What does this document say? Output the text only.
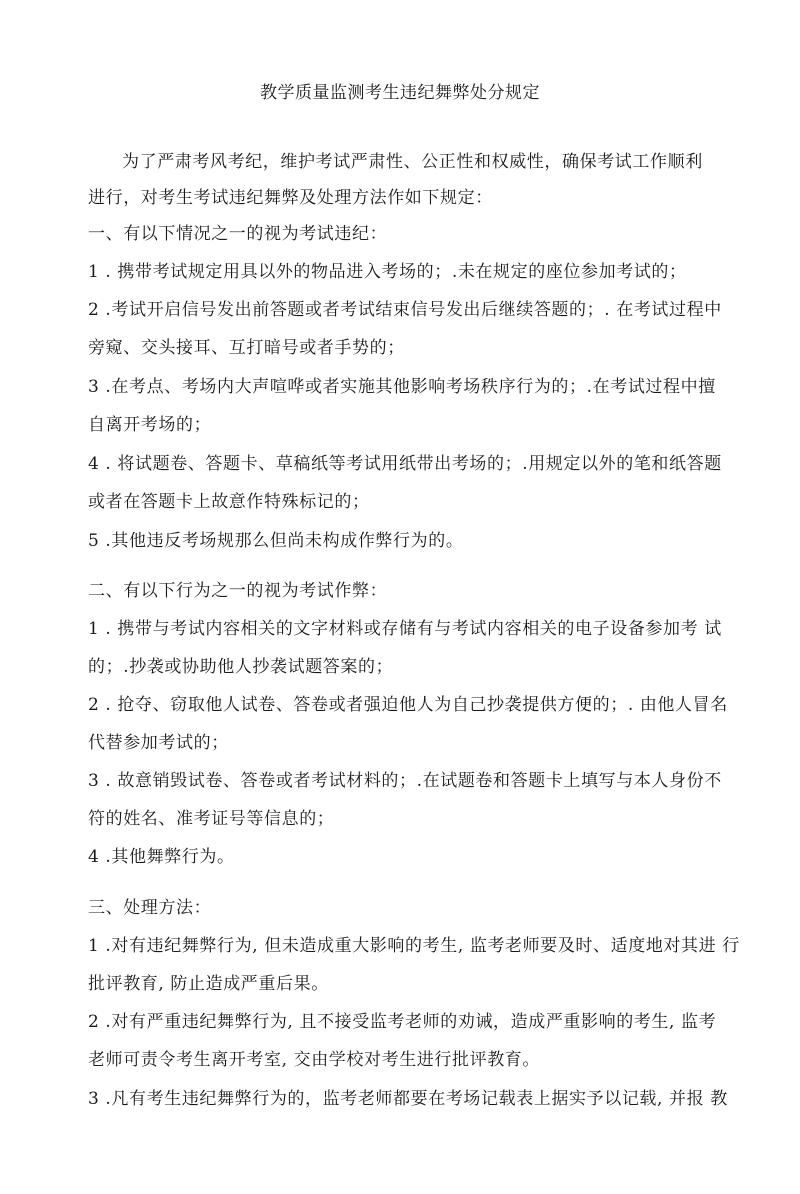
教学质量监测考生违纪舞弊处分规定
为了严肃考风考纪，维护考试严肃性、公正性和权威性，确保考试工作顺利
进行，对考生考试违纪舞弊及处理方法作如下规定：
一、有以下情况之一的视为考试违纪：
1 . 携带考试规定用具以外的物品进入考场的；.未在规定的座位参加考试的；
2 .考试开启信号发出前答题或者考试结束信号发出后继续答题的；. 在考试过程中
旁窥、交头接耳、互打暗号或者手势的；
3 .在考点、考场内大声喧哗或者实施其他影响考场秩序行为的；.在考试过程中擅
自离开考场的；
4 . 将试题卷、答题卡、草稿纸等考试用纸带出考场的；.用规定以外的笔和纸答题
或者在答题卡上故意作特殊标记的；
5 .其他违反考场规那么但尚未构成作弊行为的。
二、有以下行为之一的视为考试作弊：
1 . 携带与考试内容相关的文字材料或存储有与考试内容相关的电子设备参加考 试
的；.抄袭或协助他人抄袭试题答案的；
2 . 抢夺、窃取他人试卷、答卷或者强迫他人为自己抄袭提供方便的；. 由他人冒名
代替参加考试的；
3 . 故意销毁试卷、答卷或者考试材料的；.在试题卷和答题卡上填写与本人身份不
符的姓名、准考证号等信息的；
4 .其他舞弊行为。
三、处理方法：
1 .对有违纪舞弊行为, 但未造成重大影响的考生, 监考老师要及时、适度地对其进 行
批评教育, 防止造成严重后果。
2 .对有严重违纪舞弊行为, 且不接受监考老师的劝诫，造成严重影响的考生, 监考
老师可责令考生离开考室, 交由学校对考生进行批评教育。
3 .凡有考生违纪舞弊行为的，监考老师都要在考场记载表上据实予以记载, 并报 教
